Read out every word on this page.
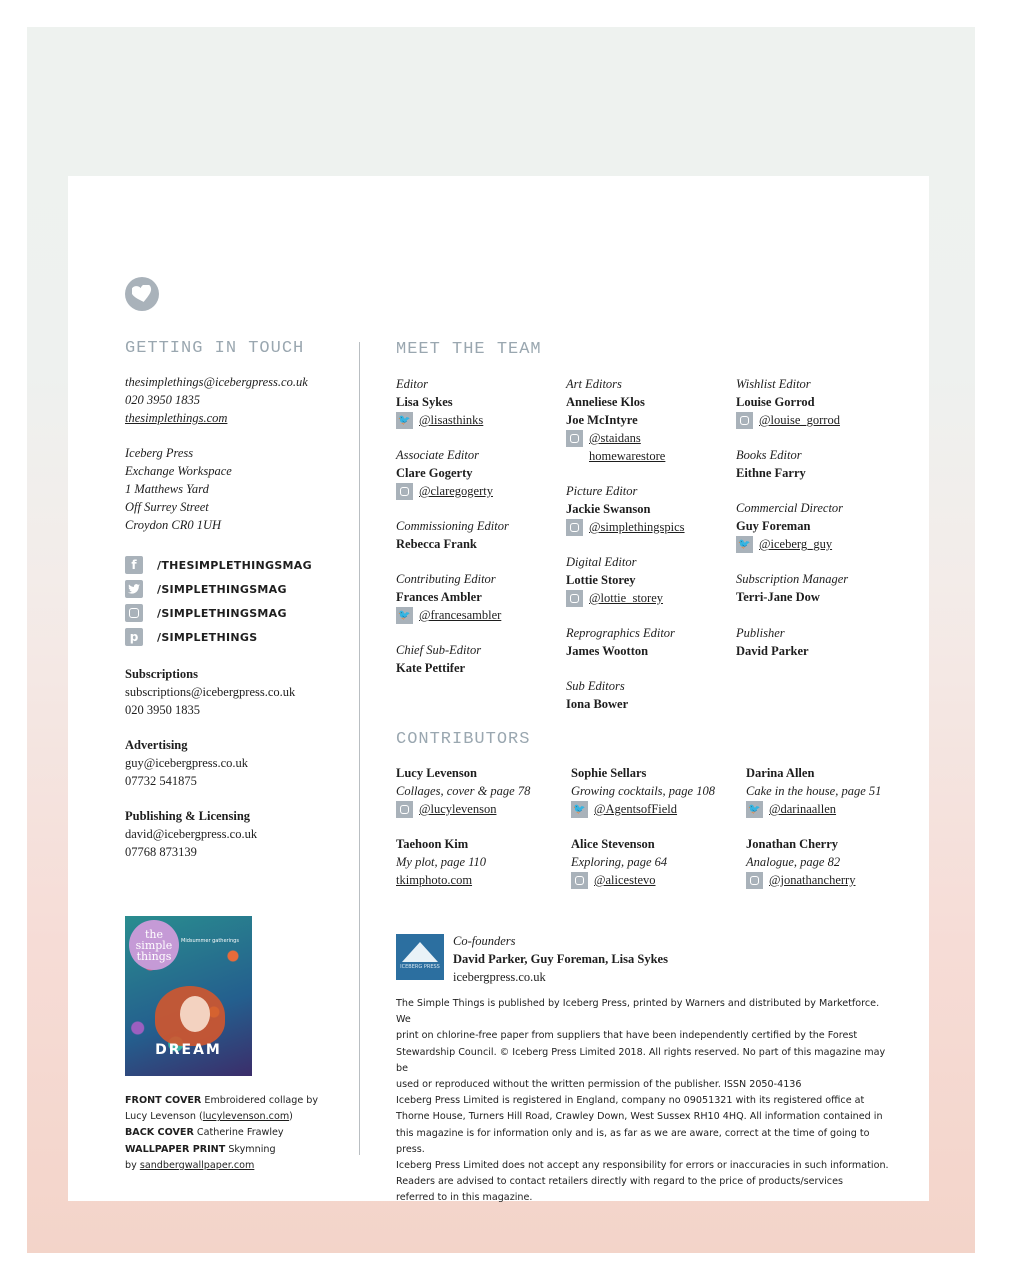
GETTING IN TOUCH
thesimplethings@icebergpress.co.uk
020 3950 1835
thesimplethings.com
Iceberg Press
Exchange Workspace
1 Matthews Yard
Off Surrey Street
Croydon CR0 1UH
f	/THESIMPLETHINGSMAG
/SIMPLETHINGSMAG
/SIMPLETHINGSMAG
p	/SIMPLETHINGS
Subscriptions
subscriptions@icebergpress.co.uk
020 3950 1835
Advertising
guy@icebergpress.co.uk
07732 541875
Publishing & Licensing
david@icebergpress.co.uk
07768 873139
the
simple
things
Midsummer gatherings
DREAM
FRONT COVER Embroidered collage by
Lucy Levenson (lucylevenson.com)
BACK COVER Catherine Frawley
WALLPAPER PRINT Skymning
by sandbergwallpaper.com
MEET THE TEAM
Editor
Lisa Sykes
🐦 @lisasthinks
Associate Editor
Clare Gogerty
@claregogerty
Commissioning Editor
Rebecca Frank
Contributing Editor
Frances Ambler
🐦 @francesambler
Chief Sub-Editor
Kate Pettifer
Art Editors
Anneliese Klos
Joe McIntyre
@staidans
homewarestore
Picture Editor
Jackie Swanson
@simplethingspics
Digital Editor
Lottie Storey
@lottie_storey
Reprographics Editor
James Wootton
Sub Editors
Iona Bower
Wishlist Editor
Louise Gorrod
@louise_gorrod
Books Editor
Eithne Farry
Commercial Director
Guy Foreman
🐦 @iceberg_guy
Subscription Manager
Terri-Jane Dow
Publisher
David Parker
CONTRIBUTORS
Lucy Levenson
Collages, cover & page 78
@lucylevenson
Sophie Sellars
Growing cocktails, page 108
🐦 @AgentsofField
Darina Allen
Cake in the house, page 51
🐦 @darinaallen
Taehoon Kim
My plot, page 110
tkimphoto.com
Alice Stevenson
Exploring, page 64
@alicestevo
Jonathan Cherry
Analogue, page 82
@jonathancherry
ICEBERG PRESS
Co-founders
David Parker, Guy Foreman, Lisa Sykes
icebergpress.co.uk
The Simple Things is published by Iceberg Press, printed by Warners and distributed by Marketforce. We
print on chlorine-free paper from suppliers that have been independently certified by the Forest
Stewardship Council. © Iceberg Press Limited 2018. All rights reserved. No part of this magazine may be
used or reproduced without the written permission of the publisher. ISSN 2050-4136
Iceberg Press Limited is registered in England, company no 09051321 with its registered office at
Thorne House, Turners Hill Road, Crawley Down, West Sussex RH10 4HQ. All information contained in
this magazine is for information only and is, as far as we are aware, correct at the time of going to press.
Iceberg Press Limited does not accept any responsibility for errors or inaccuracies in such information.
Readers are advised to contact retailers directly with regard to the price of products/services
referred to in this magazine.
